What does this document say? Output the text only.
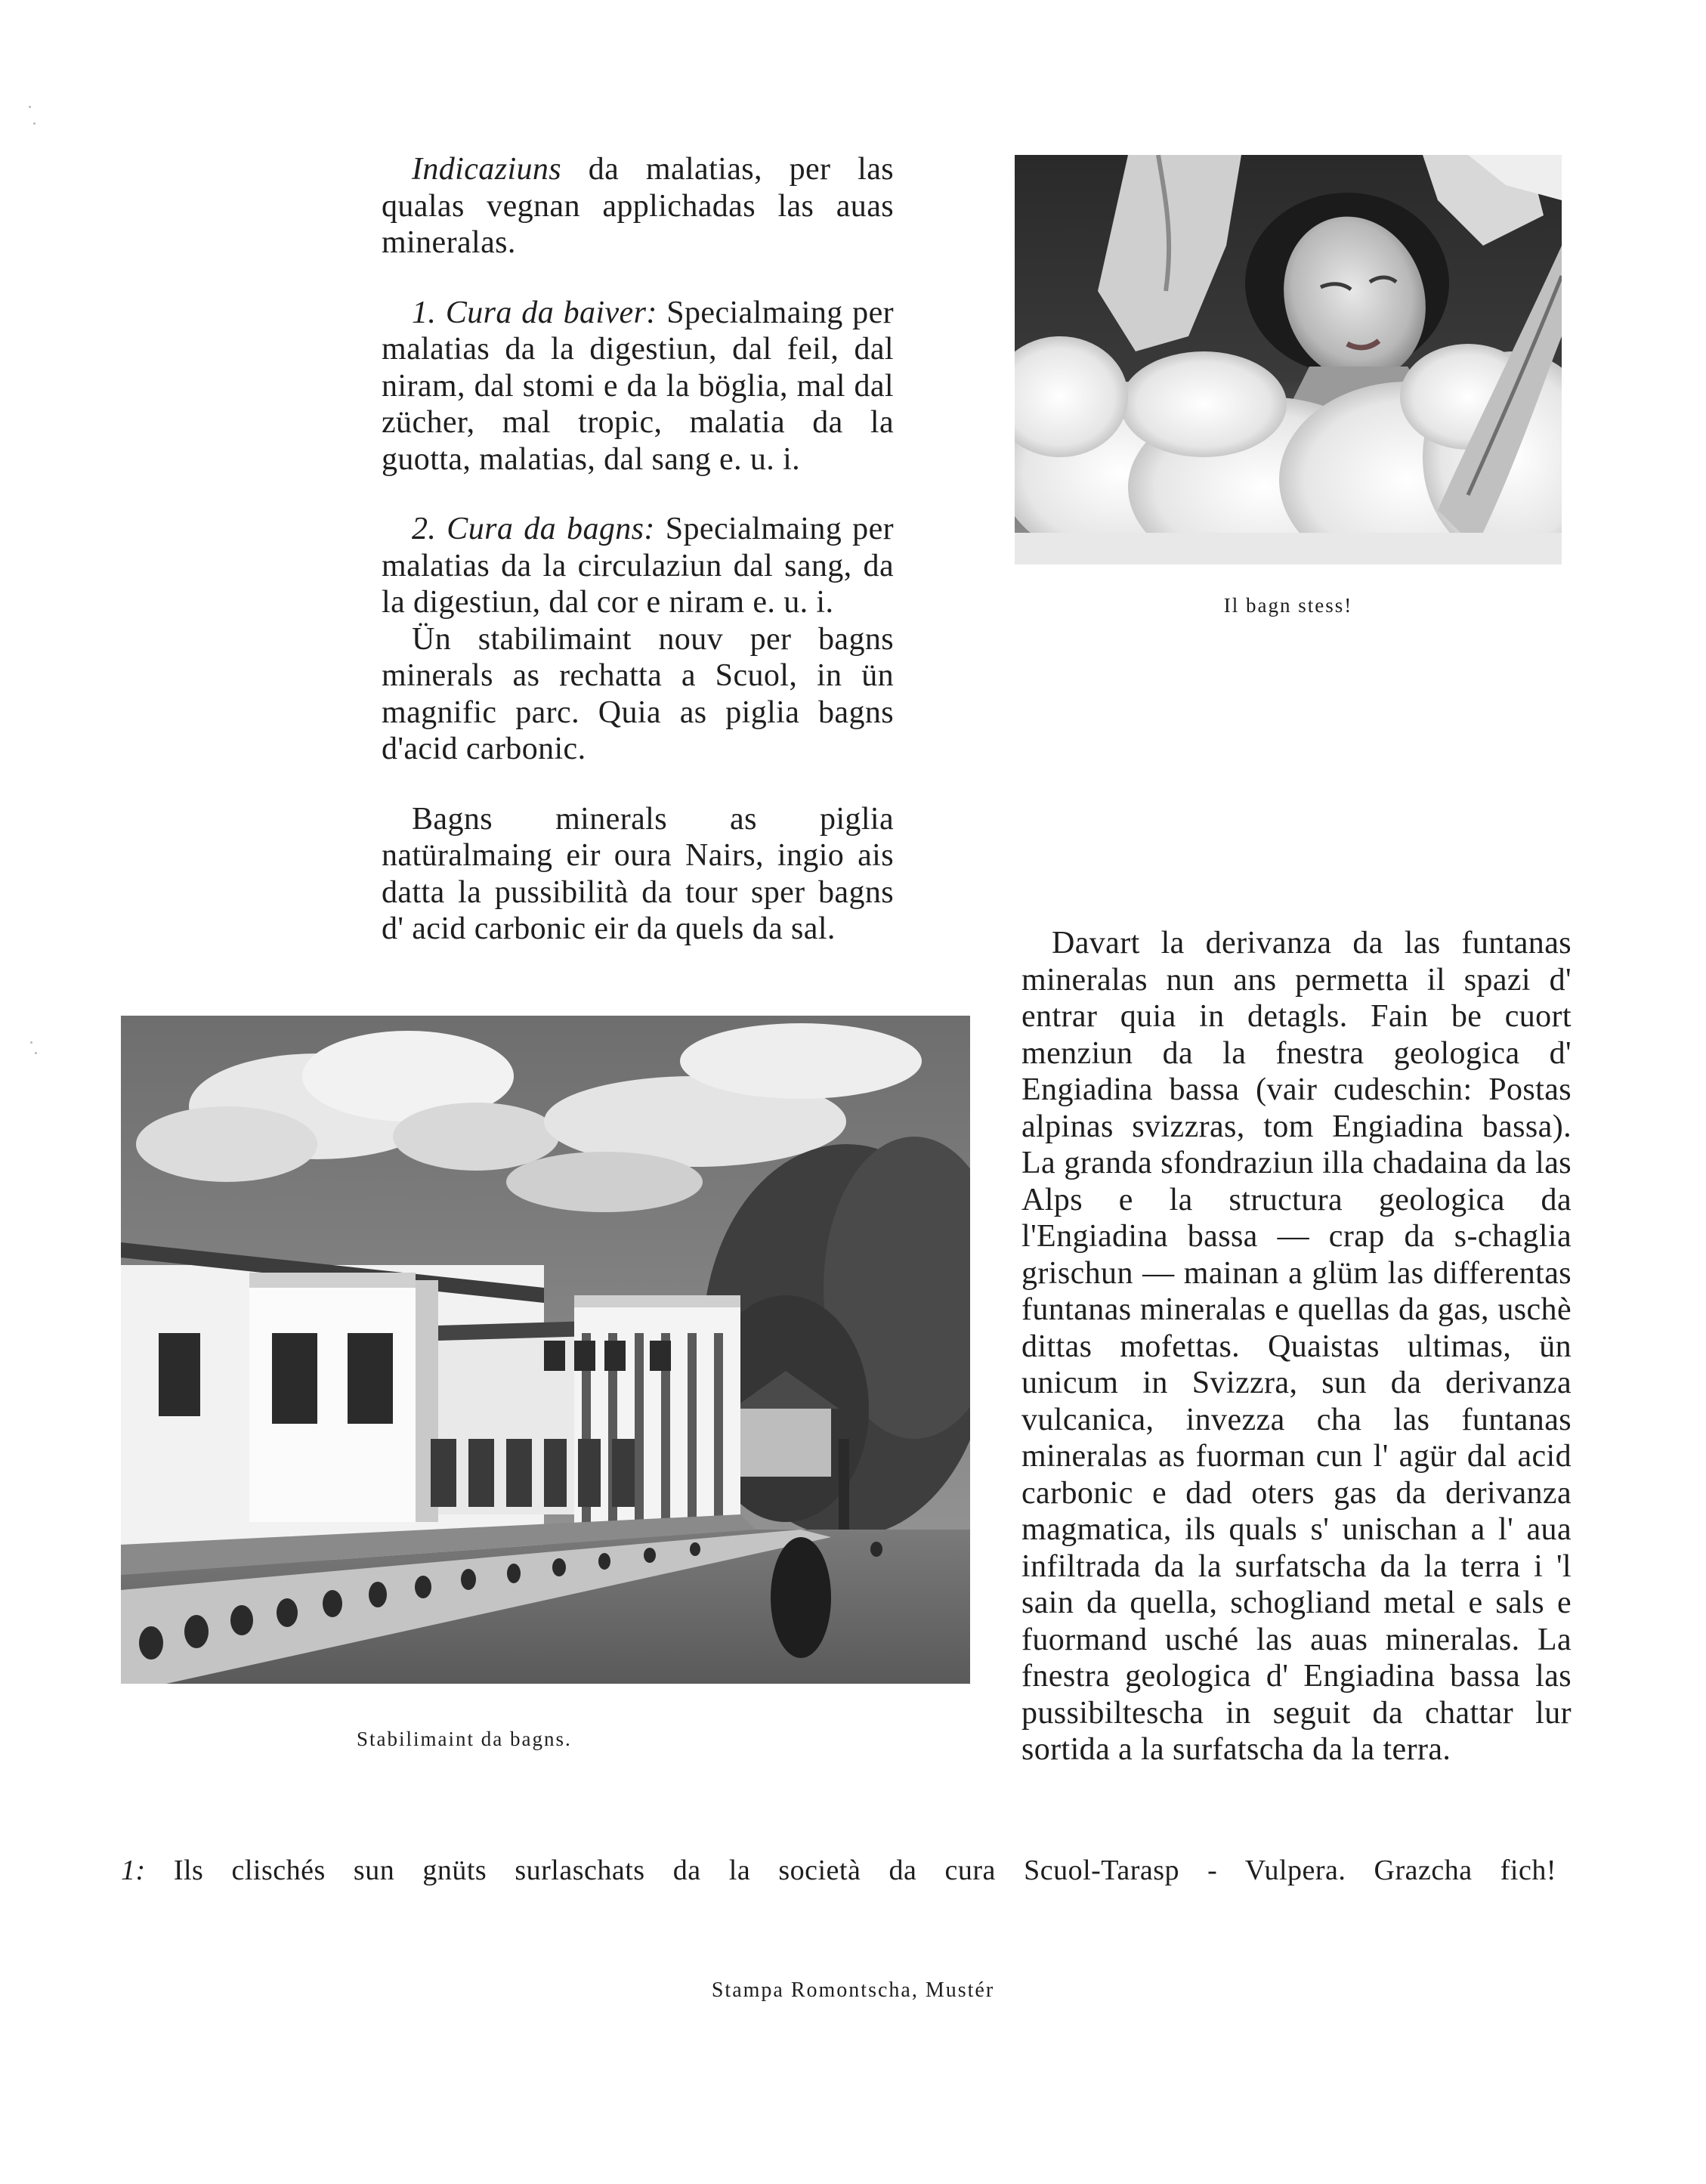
Indicaziuns da malatias, per las qualas vegnan applichadas las auas mineralas.

1. Cura da baiver: Specialmaing per malatias da la digestiun, dal feil, dal niram, dal stomi e da la böglia, mal dal zücher, mal tropic, malatia da la guotta, malatias, dal sang e. u. i.

2. Cura da bagns: Specialmaing per malatias da la circulaziun dal sang, da la digestiun, dal cor e niram e. u. i.

Ün stabilimaint nouv per bagns minerals as rechatta a Scuol, in ün magnific parc. Quia as piglia bagns d'acid carbonic.

Bagns minerals as piglia natüralmaing eir oura Nairs, ingio ais datta la pussibilità da tour sper bagns d' acid carbonic eir da quels da sal.

Il bagn stess!
Stabilimaint da bagns.

Davart la derivanza da las funtanas mineralas nun ans permetta il spazi d' entrar quia in detagls. Fain be cuort menziun da la fnestra geologica d' Engiadina bassa (vair cudeschin: Postas alpinas svizzras, tom Engiadina bassa). La granda sfondraziun illa chadaina da las Alps e la structura geologica da l'Engiadina bassa — crap da s-chaglia grischun — mainan a glüm las differentas funtanas mineralas e quellas da gas, uschè dittas mofettas. Quaistas ultimas, ün unicum in Svizzra, sun da derivanza vulcanica, invezza cha las funtanas mineralas as fuorman cun l' agür dal acid carbonic e dad oters gas da derivanza magmatica, ils quals s' unischan a l' aua infiltrada da la surfatscha da la terra i 'l sain da quella, schogliand metal e sals e fuormand usché las auas mineralas. La fnestra geologica d' Engiadina bassa las pussibiltescha in seguit da chattar lur sortida a la surfatscha da la terra.

1: Ils clischés sun gnüts surlaschats da la società da cura Scuol-Tarasp - Vulpera. Grazcha fich!
Stampa Romontscha, Mustér
